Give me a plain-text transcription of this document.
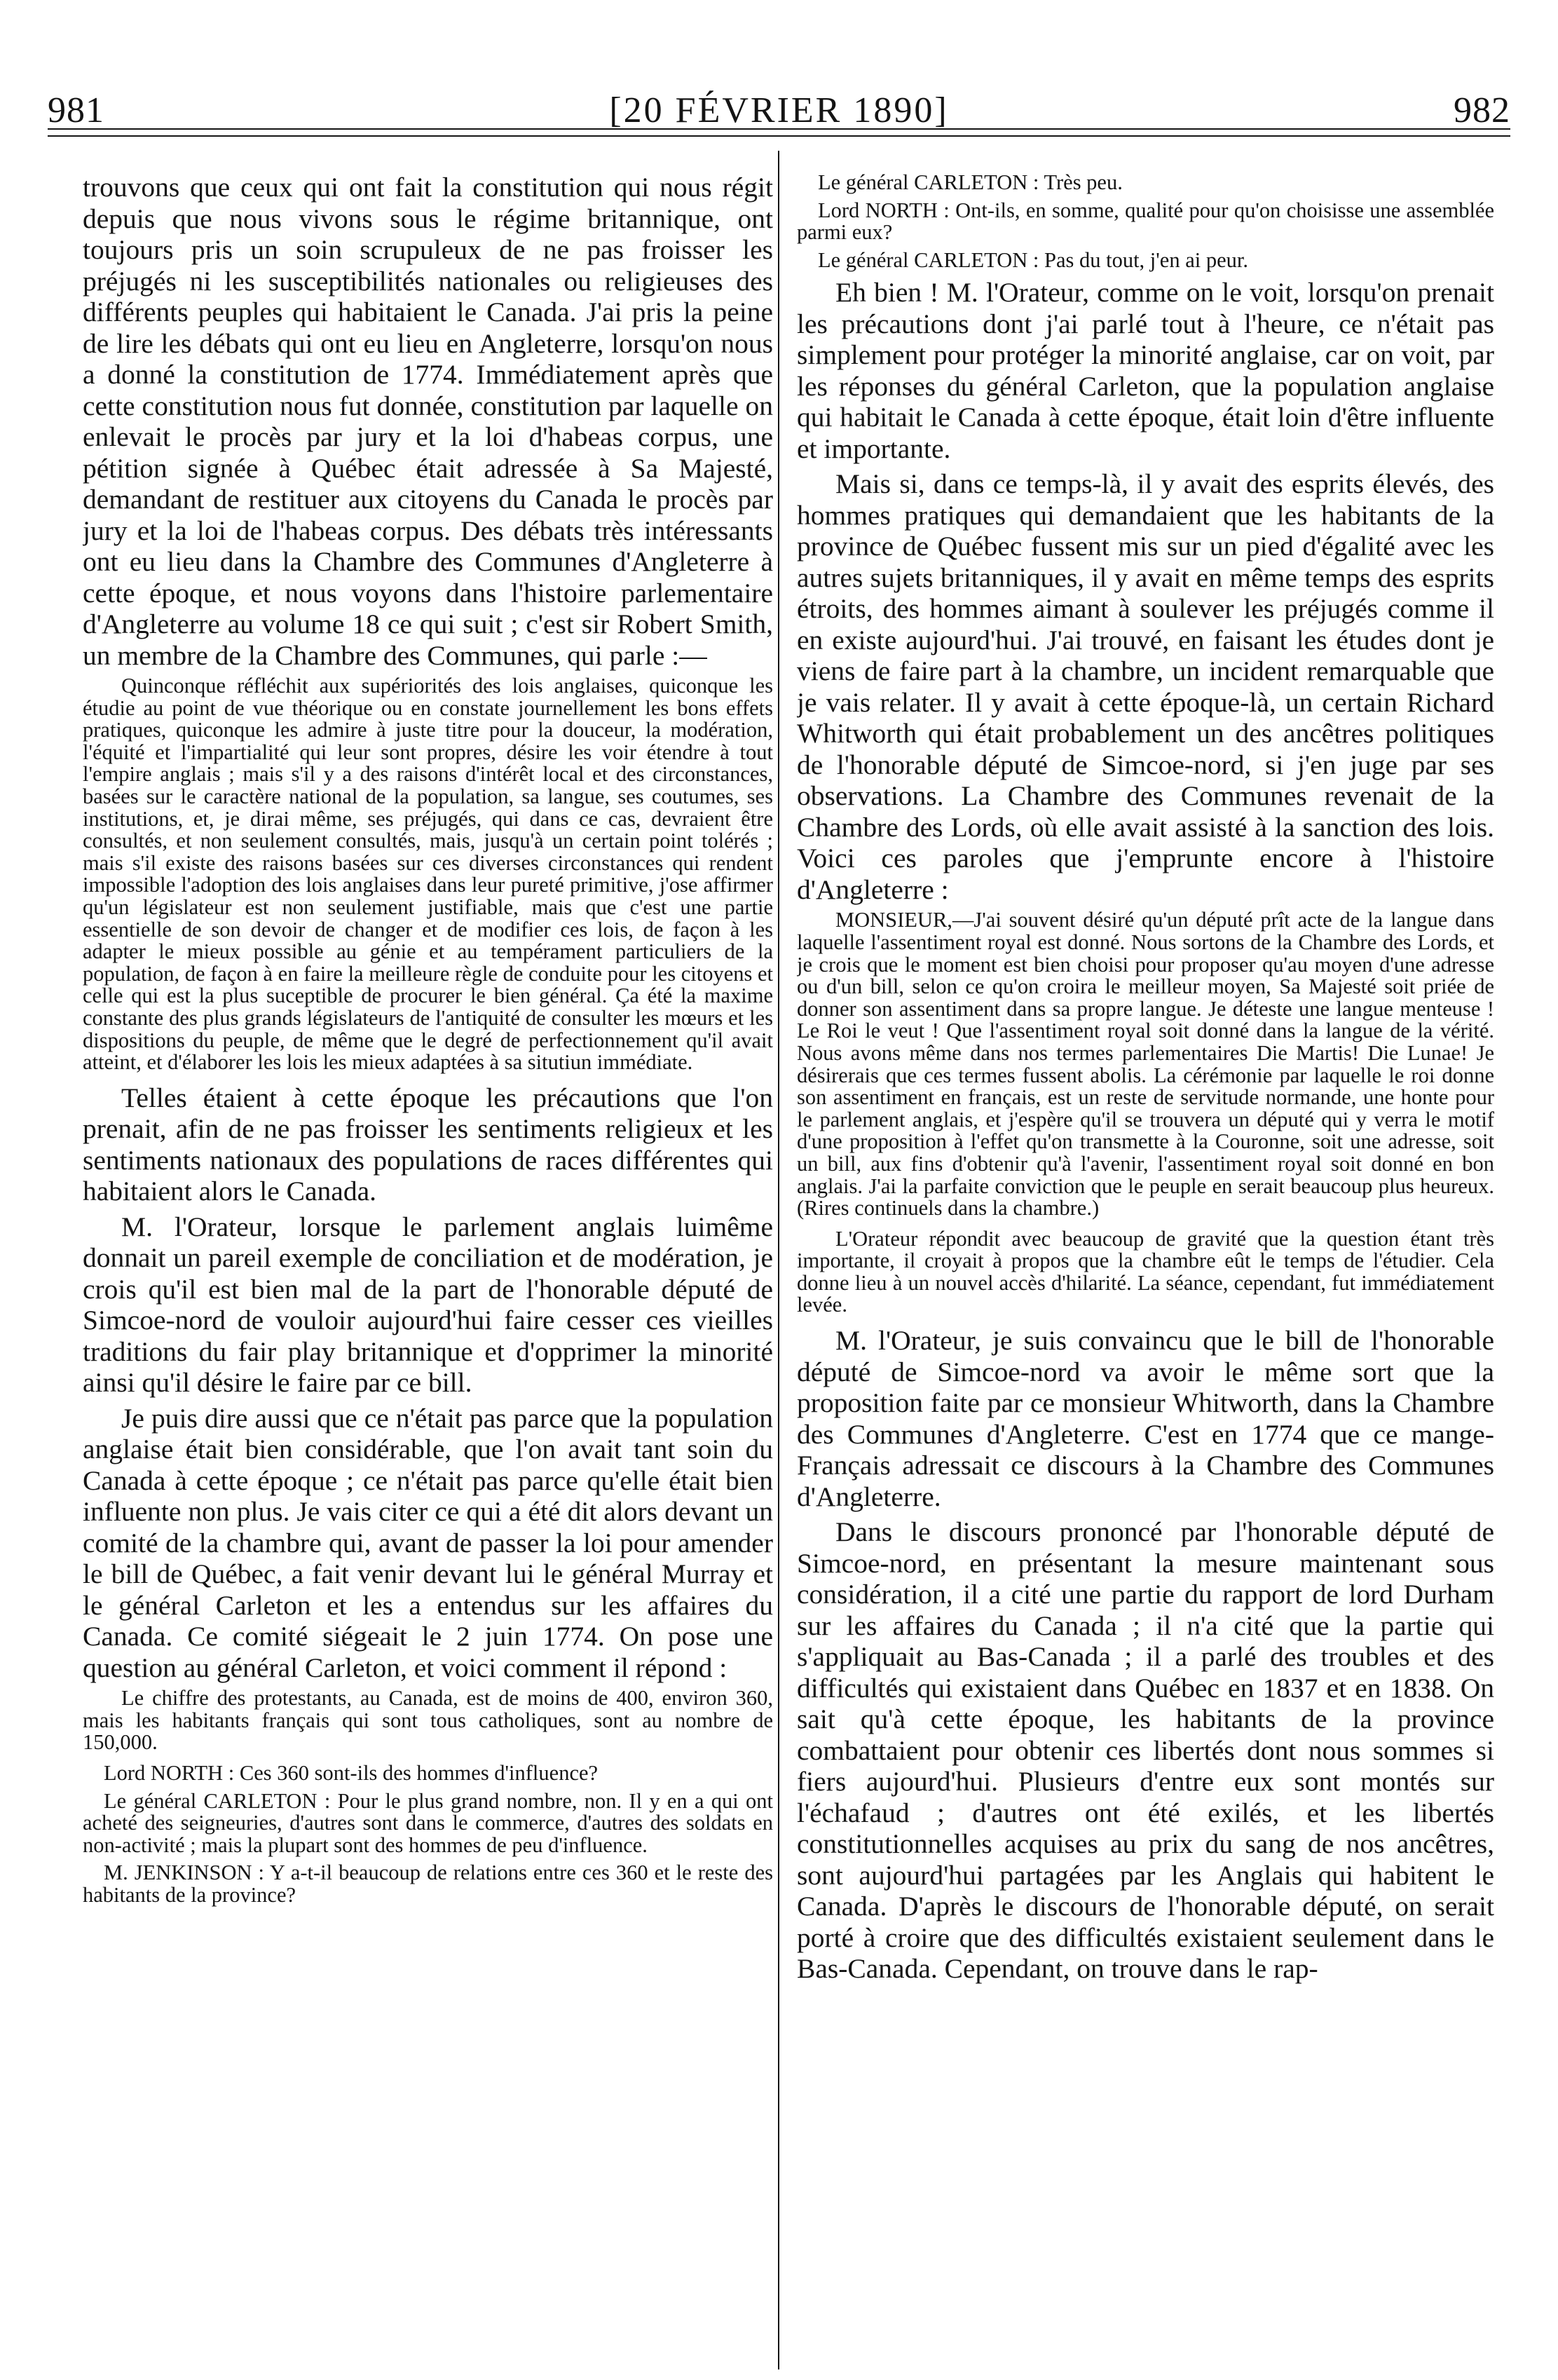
981	[20 FÉVRIER 1890]	982

trouvons que ceux qui ont fait la constitution qui nous régit depuis que nous vivons sous le régime britannique, ont toujours pris un soin scrupuleux de ne pas froisser les préjugés ni les susceptibilités nationales ou religieuses des différents peuples qui habitaient le Canada. J'ai pris la peine de lire les débats qui ont eu lieu en Angleterre, lorsqu'on nous a donné la constitution de 1774. Immédiatement après que cette constitution nous fut donnée, constitution par laquelle on enlevait le procès par jury et la loi d'habeas corpus, une pétition signée à Québec était adressée à Sa Majesté, demandant de restituer aux citoyens du Canada le procès par jury et la loi de l'habeas corpus. Des débats très intéressants ont eu lieu dans la Chambre des Communes d'Angleterre à cette époque, et nous voyons dans l'histoire parlementaire d'Angleterre au volume 18 ce qui suit ; c'est sir Robert Smith, un membre de la Chambre des Communes, qui parle :—

Quinconque réfléchit aux supériorités des lois anglaises, quiconque les étudie au point de vue théorique ou en constate journellement les bons effets pratiques, quiconque les admire à juste titre pour la douceur, la modération, l'équité et l'impartialité qui leur sont propres, désire les voir étendre à tout l'empire anglais ; mais s'il y a des raisons d'intérêt local et des circonstances, basées sur le caractère national de la population, sa langue, ses coutumes, ses institutions, et, je dirai même, ses préjugés, qui dans ce cas, devraient être consultés, et non seulement consultés, mais, jusqu'à un certain point tolérés ; mais s'il existe des raisons basées sur ces diverses circonstances qui rendent impossible l'adoption des lois anglaises dans leur pureté primitive, j'ose affirmer qu'un législateur est non seulement justifiable, mais que c'est une partie essentielle de son devoir de changer et de modifier ces lois, de façon à les adapter le mieux possible au génie et au tempérament particuliers de la population, de façon à en faire la meilleure règle de conduite pour les citoyens et celle qui est la plus suceptible de procurer le bien général. Ça été la maxime constante des plus grands législateurs de l'antiquité de consulter les mœurs et les dispositions du peuple, de même que le degré de perfectionnement qu'il avait atteint, et d'élaborer les lois les mieux adaptées à sa situtiun immédiate.

Telles étaient à cette époque les précautions que l'on prenait, afin de ne pas froisser les sentiments religieux et les sentiments nationaux des populations de races différentes qui habitaient alors le Canada.

M. l'Orateur, lorsque le parlement anglais luimême donnait un pareil exemple de conciliation et de modération, je crois qu'il est bien mal de la part de l'honorable député de Simcoe-nord de vouloir aujourd'hui faire cesser ces vieilles traditions du fair play britannique et d'opprimer la minorité ainsi qu'il désire le faire par ce bill.

Je puis dire aussi que ce n'était pas parce que la population anglaise était bien considérable, que l'on avait tant soin du Canada à cette époque ; ce n'était pas parce qu'elle était bien influente non plus. Je vais citer ce qui a été dit alors devant un comité de la chambre qui, avant de passer la loi pour amender le bill de Québec, a fait venir devant lui le général Murray et le général Carleton et les a entendus sur les affaires du Canada. Ce comité siégeait le 2 juin 1774. On pose une question au général Carleton, et voici comment il répond :

Le chiffre des protestants, au Canada, est de moins de 400, environ 360, mais les habitants français qui sont tous catholiques, sont au nombre de 150,000.

Lord NORTH : Ces 360 sont-ils des hommes d'influence?

Le général CARLETON : Pour le plus grand nombre, non. Il y en a qui ont acheté des seigneuries, d'autres sont dans le commerce, d'autres des soldats en non-activité ; mais la plupart sont des hommes de peu d'influence.

M. JENKINSON : Y a-t-il beaucoup de relations entre ces 360 et le reste des habitants de la province?

Le général CARLETON : Très peu.

Lord NORTH : Ont-ils, en somme, qualité pour qu'on choisisse une assemblée parmi eux?

Le général CARLETON : Pas du tout, j'en ai peur.

Eh bien ! M. l'Orateur, comme on le voit, lorsqu'on prenait les précautions dont j'ai parlé tout à l'heure, ce n'était pas simplement pour protéger la minorité anglaise, car on voit, par les réponses du général Carleton, que la population anglaise qui habitait le Canada à cette époque, était loin d'être influente et importante.

Mais si, dans ce temps-là, il y avait des esprits élevés, des hommes pratiques qui demandaient que les habitants de la province de Québec fussent mis sur un pied d'égalité avec les autres sujets britanniques, il y avait en même temps des esprits étroits, des hommes aimant à soulever les préjugés comme il en existe aujourd'hui. J'ai trouvé, en faisant les études dont je viens de faire part à la chambre, un incident remarquable que je vais relater. Il y avait à cette époque-là, un certain Richard Whitworth qui était probablement un des ancêtres politiques de l'honorable député de Simcoe-nord, si j'en juge par ses observations. La Chambre des Communes revenait de la Chambre des Lords, où elle avait assisté à la sanction des lois. Voici ces paroles que j'emprunte encore à l'histoire d'Angleterre :

MONSIEUR,—J'ai souvent désiré qu'un député prît acte de la langue dans laquelle l'assentiment royal est donné. Nous sortons de la Chambre des Lords, et je crois que le moment est bien choisi pour proposer qu'au moyen d'une adresse ou d'un bill, selon ce qu'on croira le meilleur moyen, Sa Majesté soit priée de donner son assentiment dans sa propre langue. Je déteste une langue menteuse ! Le Roi le veut ! Que l'assentiment royal soit donné dans la langue de la vérité. Nous avons même dans nos termes parlementaires Die Martis! Die Lunae! Je désirerais que ces termes fussent abolis. La cérémonie par laquelle le roi donne son assentiment en français, est un reste de servitude normande, une honte pour le parlement anglais, et j'espère qu'il se trouvera un député qui y verra le motif d'une proposition à l'effet qu'on transmette à la Couronne, soit une adresse, soit un bill, aux fins d'obtenir qu'à l'avenir, l'assentiment royal soit donné en bon anglais. J'ai la parfaite conviction que le peuple en serait beaucoup plus heureux. (Rires continuels dans la chambre.)

L'Orateur répondit avec beaucoup de gravité que la question étant très importante, il croyait à propos que la chambre eût le temps de l'étudier. Cela donne lieu à un nouvel accès d'hilarité. La séance, cependant, fut immédiatement levée.

M. l'Orateur, je suis convaincu que le bill de l'honorable député de Simcoe-nord va avoir le même sort que la proposition faite par ce monsieur Whitworth, dans la Chambre des Communes d'Angleterre. C'est en 1774 que ce mange-Français adressait ce discours à la Chambre des Communes d'Angleterre.

Dans le discours prononcé par l'honorable député de Simcoe-nord, en présentant la mesure maintenant sous considération, il a cité une partie du rapport de lord Durham sur les affaires du Canada ; il n'a cité que la partie qui s'appliquait au Bas-Canada ; il a parlé des troubles et des difficultés qui existaient dans Québec en 1837 et en 1838. On sait qu'à cette époque, les habitants de la province combattaient pour obtenir ces libertés dont nous sommes si fiers aujourd'hui. Plusieurs d'entre eux sont montés sur l'échafaud ; d'autres ont été exilés, et les libertés constitutionnelles acquises au prix du sang de nos ancêtres, sont aujourd'hui partagées par les Anglais qui habitent le Canada. D'après le discours de l'honorable député, on serait porté à croire que des difficultés existaient seulement dans le Bas-Canada. Cependant, on trouve dans le rap-
